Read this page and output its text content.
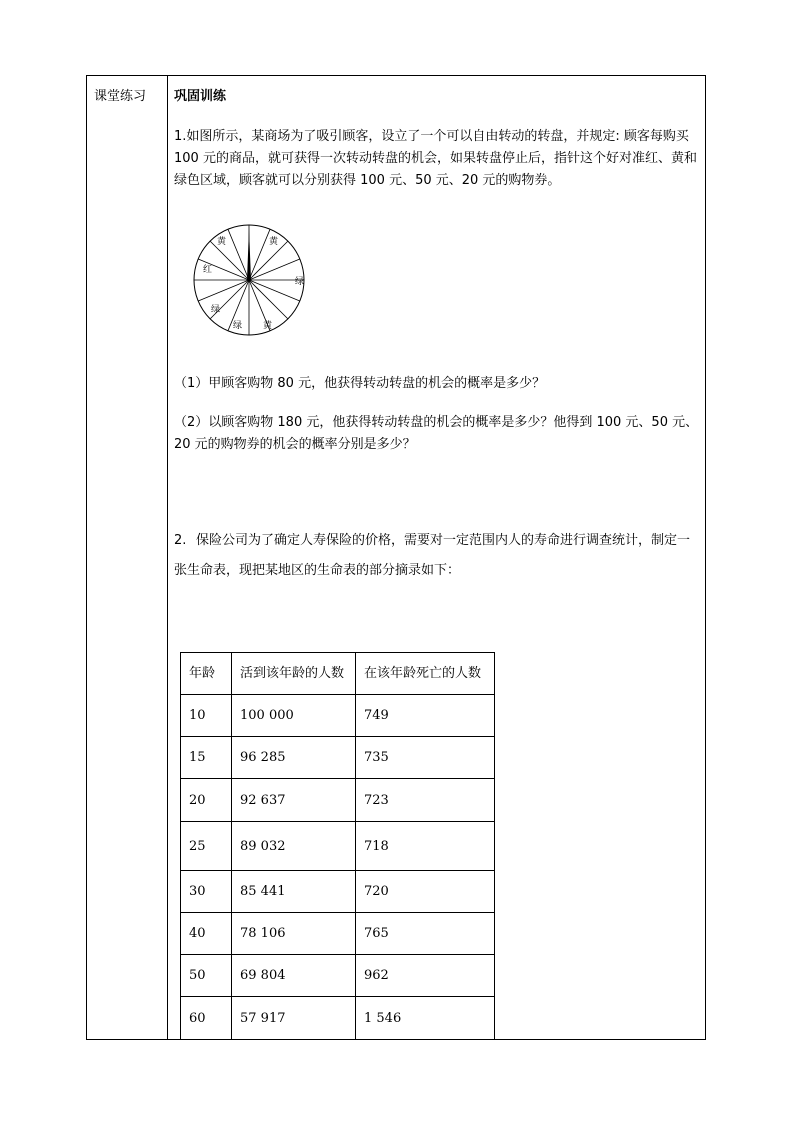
课堂练习 巩固训练
1.如图所示，某商场为了吸引顾客，设立了一个可以自由转动的转盘，并规定: 顾客每购买 100 元的商品，就可获得一次转动转盘的机会，如果转盘停止后，指针这个好对准红、黄和绿色区域，顾客就可以分别获得 100 元、50 元、20 元的购物券。
黄	黄
红
绿
绿
绿 黄
（1）甲顾客购物 80 元，他获得转动转盘的机会的概率是多少？
（2）以顾客购物 180 元，他获得转动转盘的机会的概率是多少？他得到 100 元、50 元、20 元的购物券的机会的概率分别是多少？
2. 保险公司为了确定人寿保险的价格，需要对一定范围内人的寿命进行调查统计，制定一张生命表，现把某地区的生命表的部分摘录如下：
年龄	活到该年龄的人数	在该年龄死亡的人数
10	100 000	749
15	96 285	735
20	92 637	723
25	89 032	718
30	85 441	720
40	78 106	765
50	69 804	962
60	57 917	1 546
